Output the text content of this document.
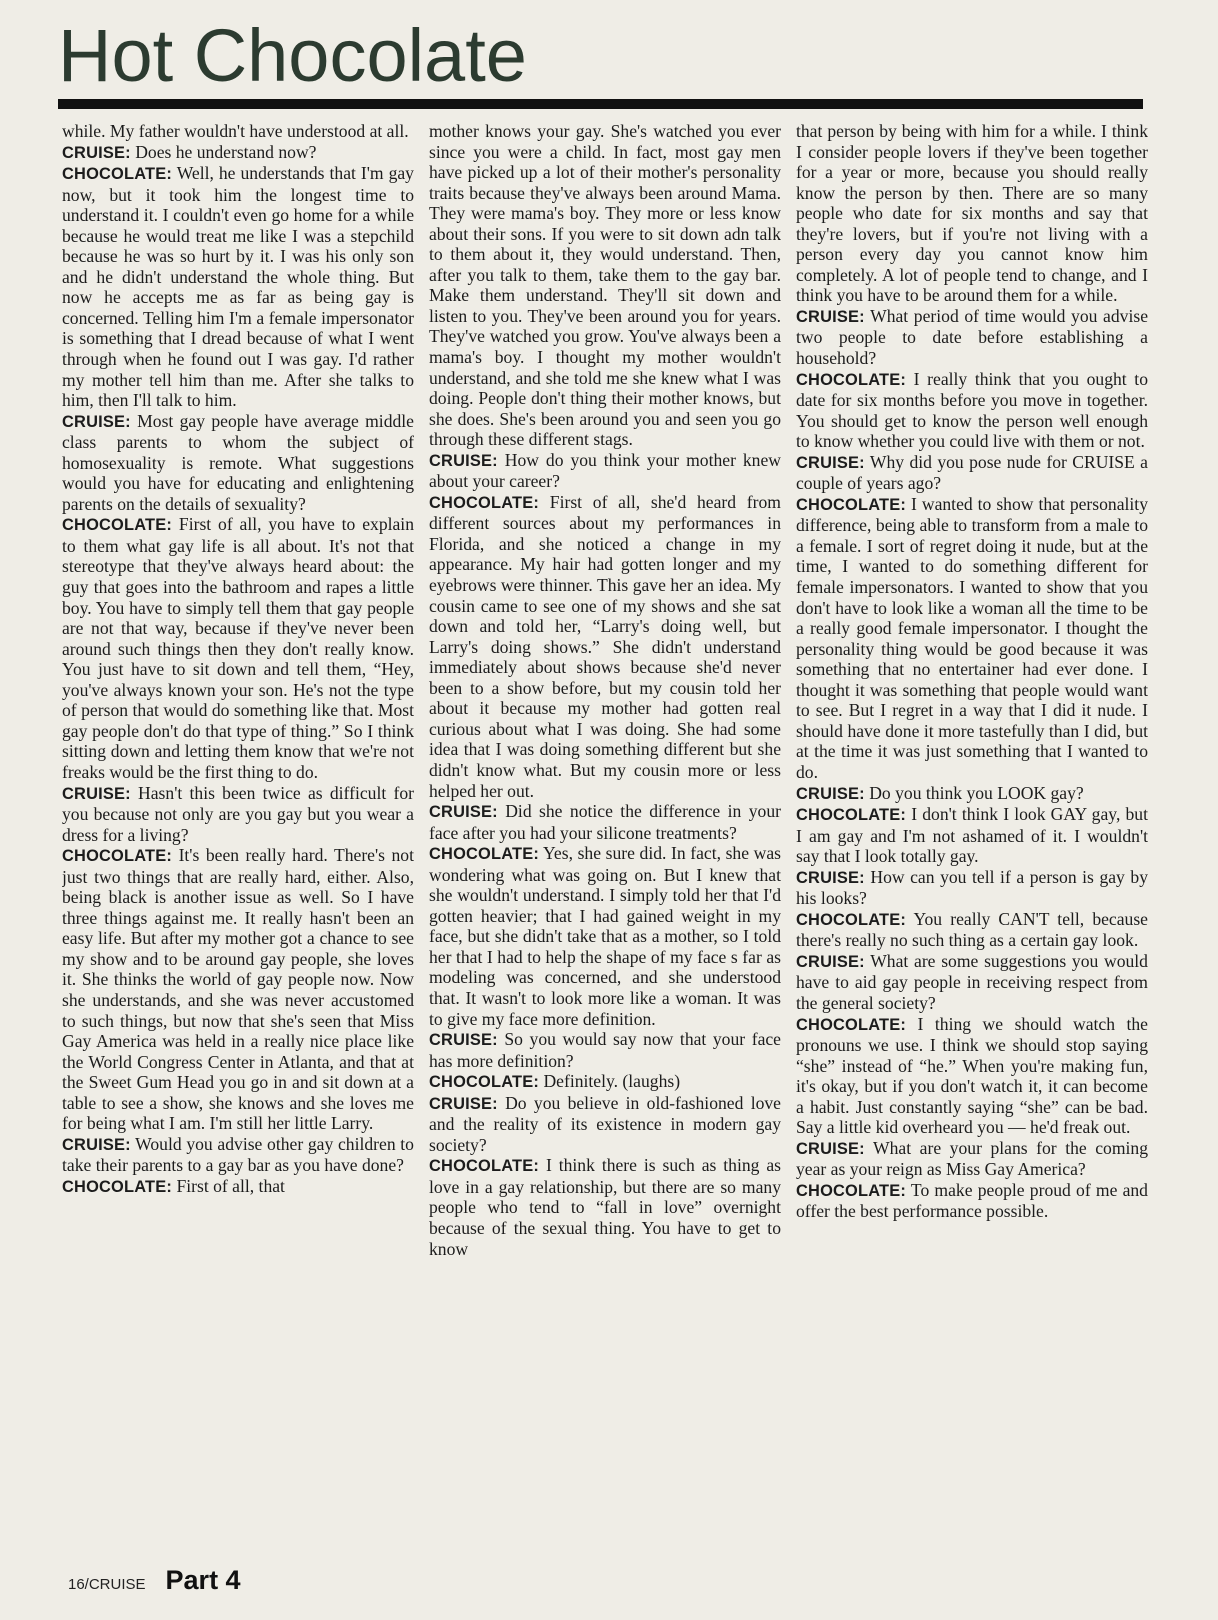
Hot Chocolate

while. My father wouldn't have understood at all.

CRUISE: Does he understand now?

CHOCOLATE: Well, he understands that I'm gay now, but it took him the longest time to understand it. I couldn't even go home for a while because he would treat me like I was a stepchild because he was so hurt by it. I was his only son and he didn't understand the whole thing. But now he accepts me as far as being gay is concerned. Telling him I'm a female impersonator is something that I dread because of what I went through when he found out I was gay. I'd rather my mother tell him than me. After she talks to him, then I'll talk to him.

CRUISE: Most gay people have average middle class parents to whom the subject of homosexuality is remote. What suggestions would you have for educating and enlightening parents on the details of sexuality?

CHOCOLATE: First of all, you have to explain to them what gay life is all about. It's not that stereotype that they've always heard about: the guy that goes into the bathroom and rapes a little boy. You have to simply tell them that gay people are not that way, because if they've never been around such things then they don't really know. You just have to sit down and tell them, “Hey, you've always known your son. He's not the type of person that would do something like that. Most gay people don't do that type of thing.” So I think sitting down and letting them know that we're not freaks would be the first thing to do.

CRUISE: Hasn't this been twice as difficult for you because not only are you gay but you wear a dress for a living?

CHOCOLATE: It's been really hard. There's not just two things that are really hard, either. Also, being black is another issue as well. So I have three things against me. It really hasn't been an easy life. But after my mother got a chance to see my show and to be around gay people, she loves it. She thinks the world of gay people now. Now she understands, and she was never accustomed to such things, but now that she's seen that Miss Gay America was held in a really nice place like the World Congress Center in Atlanta, and that at the Sweet Gum Head you go in and sit down at a table to see a show, she knows and she loves me for being what I am. I'm still her little Larry.

CRUISE: Would you advise other gay children to take their parents to a gay bar as you have done?

CHOCOLATE: First of all, that

mother knows your gay. She's watched you ever since you were a child. In fact, most gay men have picked up a lot of their mother's personality traits because they've always been around Mama. They were mama's boy. They more or less know about their sons. If you were to sit down adn talk to them about it, they would understand. Then, after you talk to them, take them to the gay bar. Make them understand. They'll sit down and listen to you. They've been around you for years. They've watched you grow. You've always been a mama's boy. I thought my mother wouldn't understand, and she told me she knew what I was doing. People don't thing their mother knows, but she does. She's been around you and seen you go through these different stags.

CRUISE: How do you think your mother knew about your career?

CHOCOLATE: First of all, she'd heard from different sources about my performances in Florida, and she noticed a change in my appearance. My hair had gotten longer and my eyebrows were thinner. This gave her an idea. My cousin came to see one of my shows and she sat down and told her, “Larry's doing well, but Larry's doing shows.” She didn't understand immediately about shows because she'd never been to a show before, but my cousin told her about it because my mother had gotten real curious about what I was doing. She had some idea that I was doing something different but she didn't know what. But my cousin more or less helped her out.

CRUISE: Did she notice the difference in your face after you had your silicone treatments?

CHOCOLATE: Yes, she sure did. In fact, she was wondering what was going on. But I knew that she wouldn't understand. I simply told her that I'd gotten heavier; that I had gained weight in my face, but she didn't take that as a mother, so I told her that I had to help the shape of my face s far as modeling was concerned, and she understood that. It wasn't to look more like a woman. It was to give my face more definition.

CRUISE: So you would say now that your face has more definition?

CHOCOLATE: Definitely. (laughs)

CRUISE: Do you believe in old-fashioned love and the reality of its existence in modern gay society?

CHOCOLATE: I think there is such as thing as love in a gay relationship, but there are so many people who tend to “fall in love” overnight because of the sexual thing. You have to get to know

that person by being with him for a while. I think I consider people lovers if they've been together for a year or more, because you should really know the person by then. There are so many people who date for six months and say that they're lovers, but if you're not living with a person every day you cannot know him completely. A lot of people tend to change, and I think you have to be around them for a while.

CRUISE: What period of time would you advise two people to date before establishing a household?

CHOCOLATE: I really think that you ought to date for six months before you move in together. You should get to know the person well enough to know whether you could live with them or not.

CRUISE: Why did you pose nude for CRUISE a couple of years ago?

CHOCOLATE: I wanted to show that personality difference, being able to transform from a male to a female. I sort of regret doing it nude, but at the time, I wanted to do something different for female impersonators. I wanted to show that you don't have to look like a woman all the time to be a really good female impersonator. I thought the personality thing would be good because it was something that no entertainer had ever done. I thought it was something that people would want to see. But I regret in a way that I did it nude. I should have done it more tastefully than I did, but at the time it was just something that I wanted to do.

CRUISE: Do you think you LOOK gay?

CHOCOLATE: I don't think I look GAY gay, but I am gay and I'm not ashamed of it. I wouldn't say that I look totally gay.

CRUISE: How can you tell if a person is gay by his looks?

CHOCOLATE: You really CAN'T tell, because there's really no such thing as a certain gay look.

CRUISE: What are some suggestions you would have to aid gay people in receiving respect from the general society?

CHOCOLATE: I thing we should watch the pronouns we use. I think we should stop saying “she” instead of “he.” When you're making fun, it's okay, but if you don't watch it, it can become a habit. Just constantly saying “she” can be bad. Say a little kid overheard you — he'd freak out.

CRUISE: What are your plans for the coming year as your reign as Miss Gay America?

CHOCOLATE: To make people proud of me and offer the best performance possible.

16/CRUISE Part 4
